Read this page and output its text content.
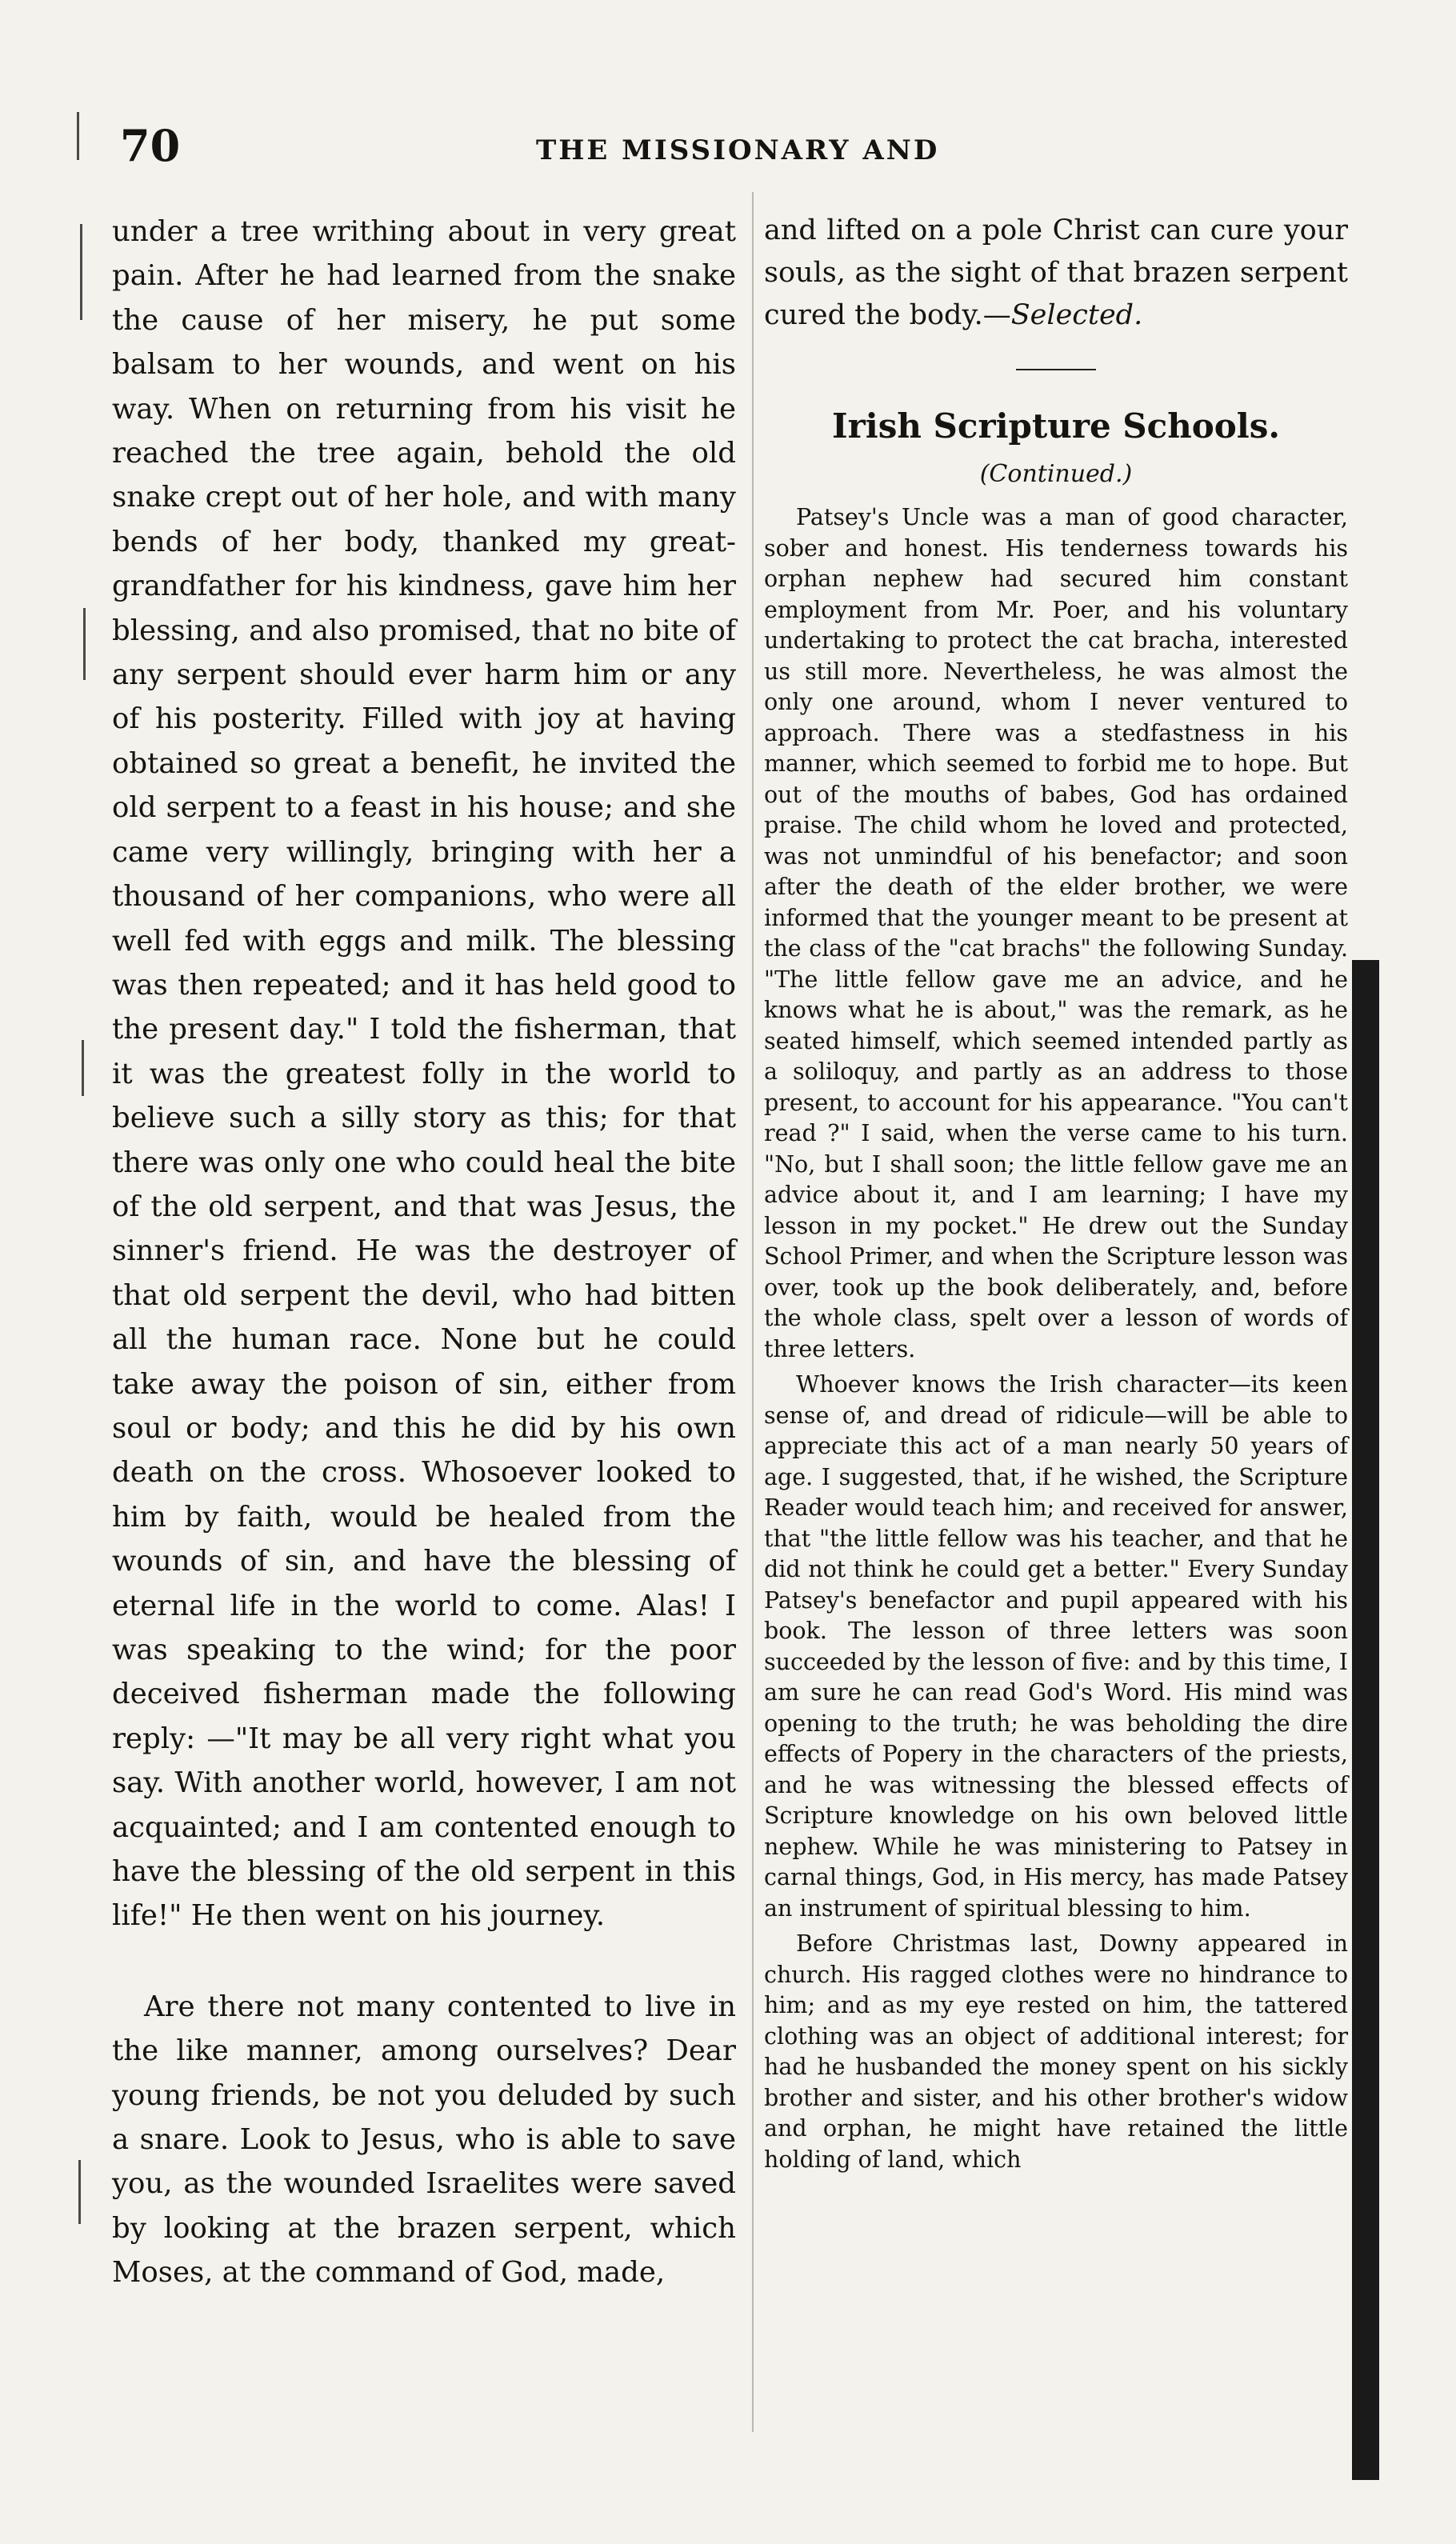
70	THE MISSIONARY AND

under a tree writhing about in very great pain. After he had learned from the snake the cause of her misery, he put some balsam to her wounds, and went on his way. When on returning from his visit he reached the tree again, behold the old snake crept out of her hole, and with many bends of her body, thanked my great-grandfather for his kindness, gave him her blessing, and also promised, that no bite of any serpent should ever harm him or any of his posterity. Filled with joy at having obtained so great a benefit, he invited the old serpent to a feast in his house; and she came very willingly, bringing with her a thousand of her companions, who were all well fed with eggs and milk. The blessing was then repeated; and it has held good to the present day." I told the fisherman, that it was the greatest folly in the world to believe such a silly story as this; for that there was only one who could heal the bite of the old serpent, and that was Jesus, the sinner's friend. He was the destroyer of that old serpent the devil, who had bitten all the human race. None but he could take away the poison of sin, either from soul or body; and this he did by his own death on the cross. Whosoever looked to him by faith, would be healed from the wounds of sin, and have the blessing of eternal life in the world to come. Alas! I was speaking to the wind; for the poor deceived fisherman made the following reply: —"It may be all very right what you say. With another world, however, I am not acquainted; and I am contented enough to have the blessing of the old serpent in this life!" He then went on his journey.

Are there not many contented to live in the like manner, among ourselves? Dear young friends, be not you deluded by such a snare. Look to Jesus, who is able to save you, as the wounded Israelites were saved by looking at the brazen serpent, which Moses, at the command of God, made,

and lifted on a pole Christ can cure your souls, as the sight of that brazen serpent cured the body.—Selected.

Irish Scripture Schools.
(Continued.)

Patsey's Uncle was a man of good character, sober and honest. His tenderness towards his orphan nephew had secured him constant employment from Mr. Poer, and his voluntary undertaking to protect the cat bracha, interested us still more. Nevertheless, he was almost the only one around, whom I never ventured to approach. There was a stedfastness in his manner, which seemed to forbid me to hope. But out of the mouths of babes, God has ordained praise. The child whom he loved and protected, was not unmindful of his benefactor; and soon after the death of the elder brother, we were informed that the younger meant to be present at the class of the "cat brachs" the following Sunday. "The little fellow gave me an advice, and he knows what he is about," was the remark, as he seated himself, which seemed intended partly as a soliloquy, and partly as an address to those present, to account for his appearance. "You can't read ?" I said, when the verse came to his turn. "No, but I shall soon; the little fellow gave me an advice about it, and I am learning; I have my lesson in my pocket." He drew out the Sunday School Primer, and when the Scripture lesson was over, took up the book deliberately, and, before the whole class, spelt over a lesson of words of three letters.

Whoever knows the Irish character—its keen sense of, and dread of ridicule—will be able to appreciate this act of a man nearly 50 years of age. I suggested, that, if he wished, the Scripture Reader would teach him; and received for answer, that "the little fellow was his teacher, and that he did not think he could get a better." Every Sunday Patsey's benefactor and pupil appeared with his book. The lesson of three letters was soon succeeded by the lesson of five: and by this time, I am sure he can read God's Word. His mind was opening to the truth; he was beholding the dire effects of Popery in the characters of the priests, and he was witnessing the blessed effects of Scripture knowledge on his own beloved little nephew. While he was ministering to Patsey in carnal things, God, in His mercy, has made Patsey an instrument of spiritual blessing to him.

Before Christmas last, Downy appeared in church. His ragged clothes were no hindrance to him; and as my eye rested on him, the tattered clothing was an object of additional interest; for had he husbanded the money spent on his sickly brother and sister, and his other brother's widow and orphan, he might have retained the little holding of land, which
